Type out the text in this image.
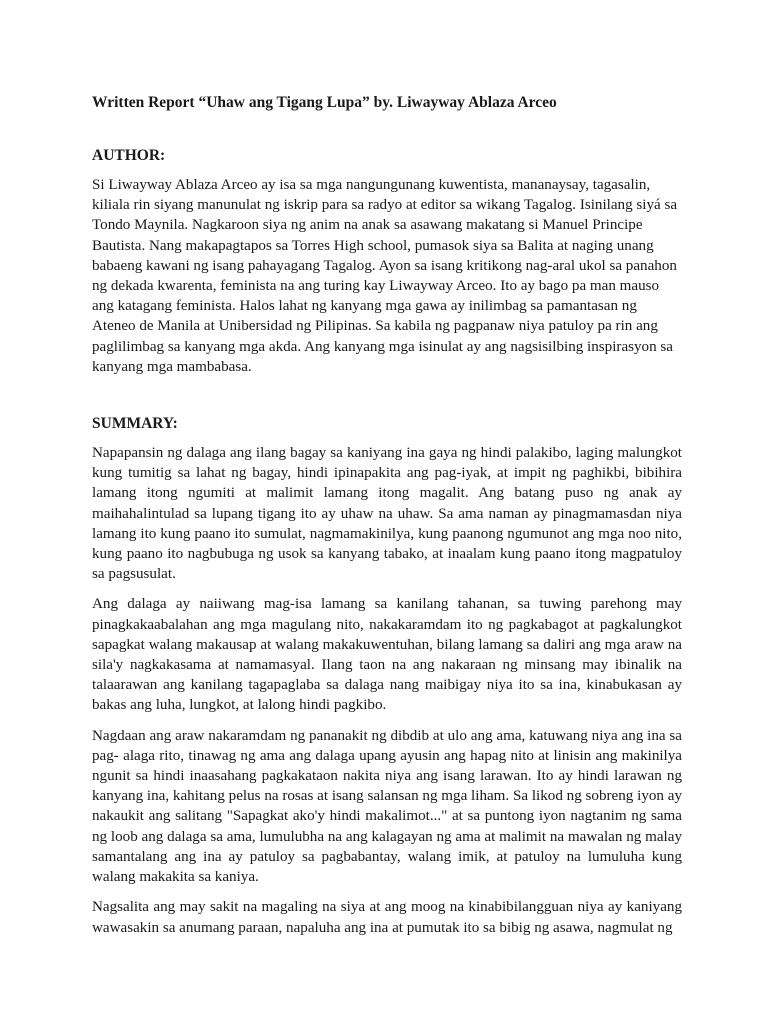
Written Report “Uhaw ang Tigang Lupa” by. Liwayway Ablaza Arceo
AUTHOR:

Si Liwayway Ablaza Arceo ay isa sa mga nangungunang kuwentista, mananaysay, tagasalin, kiliala rin siyang manunulat ng iskrip para sa radyo at editor sa wikang Tagalog. Isinilang siyá sa Tondo Maynila. Nagkaroon siya ng anim na anak sa asawang makatang si Manuel Principe Bautista. Nang makapagtapos sa Torres High school, pumasok siya sa Balita at naging unang babaeng kawani ng isang pahayagang Tagalog. Ayon sa isang kritikong nag-aral ukol sa panahon ng dekada kwarenta, feminista na ang turing kay Liwayway Arceo. Ito ay bago pa man mauso ang katagang feminista. Halos lahat ng kanyang mga gawa ay inilimbag sa pamantasan ng Ateneo de Manila at Unibersidad ng Pilipinas. Sa kabila ng pagpanaw niya patuloy pa rin ang paglilimbag sa kanyang mga akda. Ang kanyang mga isinulat ay ang nagsisilbing inspirasyon sa kanyang mga mambabasa.

SUMMARY:

Napapansin ng dalaga ang ilang bagay sa kaniyang ina gaya ng hindi palakibo, laging malungkot kung tumitig sa lahat ng bagay, hindi ipinapakita ang pag-iyak, at impit ng paghikbi, bibihira lamang itong ngumiti at malimit lamang itong magalit. Ang batang puso ng anak ay maihahalintulad sa lupang tigang ito ay uhaw na uhaw. Sa ama naman ay pinagmamasdan niya lamang ito kung paano ito sumulat, nagmamakinilya, kung paanong ngumunot ang mga noo nito, kung paano ito nagbubuga ng usok sa kanyang tabako, at inaalam kung paano itong magpatuloy sa pagsusulat.

Ang dalaga ay naiiwang mag-isa lamang sa kanilang tahanan, sa tuwing parehong may pinagkakaabalahan ang mga magulang nito, nakakaramdam ito ng pagkabagot at pagkalungkot sapagkat walang makausap at walang makakuwentuhan, bilang lamang sa daliri ang mga araw na sila'y nagkakasama at namamasyal. Ilang taon na ang nakaraan ng minsang may ibinalik na talaarawan ang kanilang tagapaglaba sa dalaga nang maibigay niya ito sa ina, kinabukasan ay bakas ang luha, lungkot, at lalong hindi pagkibo.

Nagdaan ang araw nakaramdam ng pananakit ng dibdib at ulo ang ama, katuwang niya ang ina sa pag- alaga rito, tinawag ng ama ang dalaga upang ayusin ang hapag nito at linisin ang makinilya ngunit sa hindi inaasahang pagkakataon nakita niya ang isang larawan. Ito ay hindi larawan ng kanyang ina, kahitang pelus na rosas at isang salansan ng mga liham. Sa likod ng sobreng iyon ay nakaukit ang salitang "Sapagkat ako'y hindi makalimot..." at sa puntong iyon nagtanim ng sama ng loob ang dalaga sa ama, lumulubha na ang kalagayan ng ama at malimit na mawalan ng malay samantalang ang ina ay patuloy sa pagbabantay, walang imik, at patuloy na lumuluha kung walang makakita sa kaniya.

Nagsalita ang may sakit na magaling na siya at ang moog na kinabibilangguan niya ay kaniyang wawasakin sa anumang paraan, napaluha ang ina at pumutak ito sa bibig ng asawa, nagmulat ng
